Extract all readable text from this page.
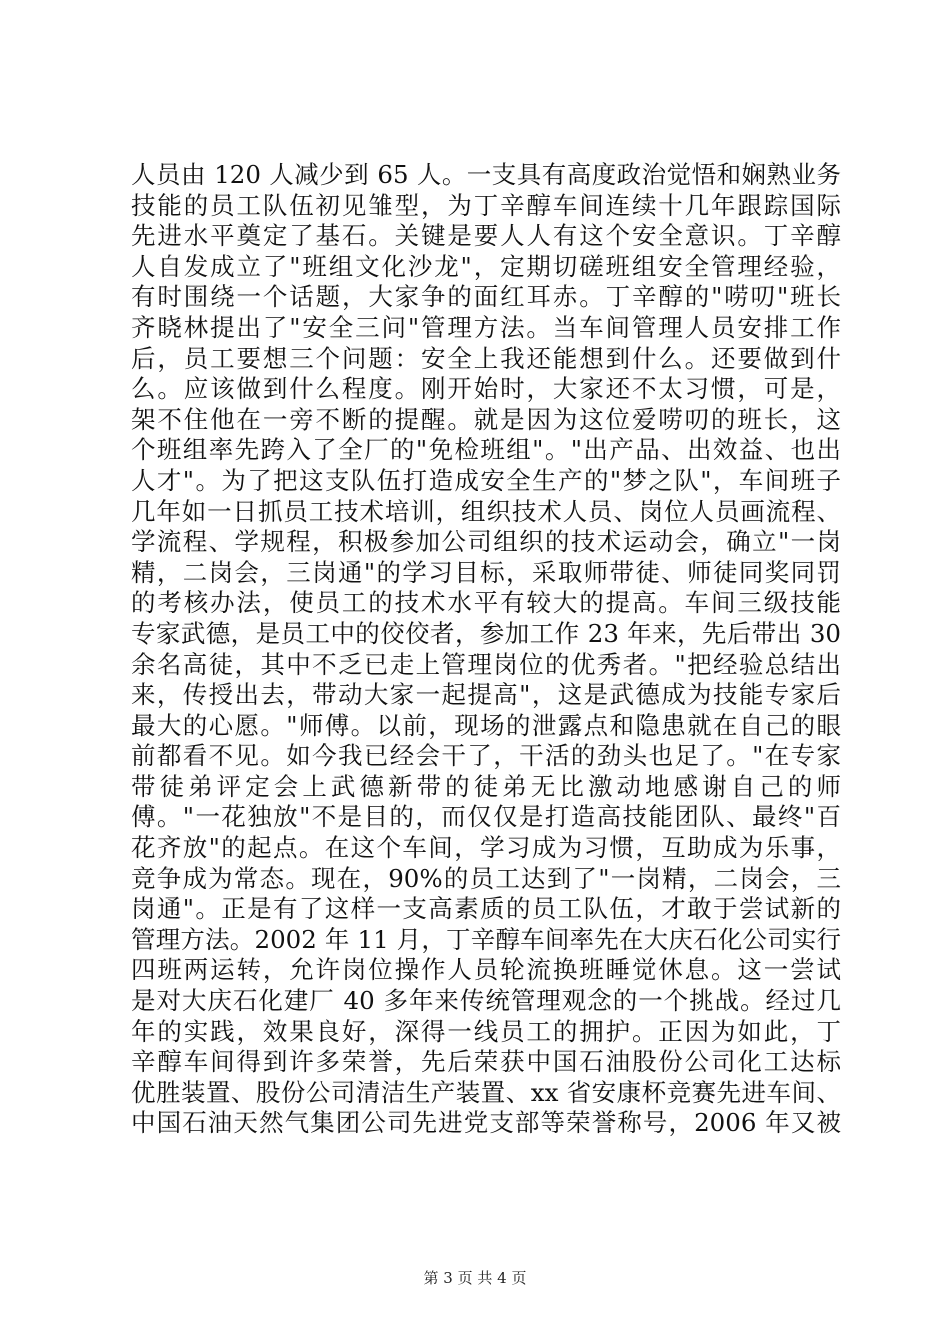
人员由 120 人减少到 65 人。一支具有高度政治觉悟和娴熟业务
技能的员工队伍初见雏型，为丁辛醇车间连续十几年跟踪国际
先进水平奠定了基石。关键是要人人有这个安全意识。丁辛醇
人自发成立了"班组文化沙龙"，定期切磋班组安全管理经验，
有时围绕一个话题，大家争的面红耳赤。丁辛醇的"唠叨"班长
齐晓林提出了"安全三问"管理方法。当车间管理人员安排工作
后，员工要想三个问题：安全上我还能想到什么。还要做到什
么。应该做到什么程度。刚开始时，大家还不太习惯，可是，
架不住他在一旁不断的提醒。就是因为这位爱唠叨的班长，这
个班组率先跨入了全厂的"免检班组"。"出产品、出效益、也出
人才"。为了把这支队伍打造成安全生产的"梦之队"，车间班子
几年如一日抓员工技术培训，组织技术人员、岗位人员画流程、
学流程、学规程，积极参加公司组织的技术运动会，确立"一岗
精，二岗会，三岗通"的学习目标，采取师带徒、师徒同奖同罚
的考核办法，使员工的技术水平有较大的提高。车间三级技能
专家武德，是员工中的佼佼者，参加工作 23 年来，先后带出 30
余名高徒，其中不乏已走上管理岗位的优秀者。"把经验总结出
来，传授出去，带动大家一起提高"，这是武德成为技能专家后
最大的心愿。"师傅。以前，现场的泄露点和隐患就在自己的眼
前都看不见。如今我已经会干了，干活的劲头也足了。"在专家
带徒弟评定会上武德新带的徒弟无比激动地感谢自己的师
傅。"一花独放"不是目的，而仅仅是打造高技能团队、最终"百
花齐放"的起点。在这个车间，学习成为习惯，互助成为乐事，
竞争成为常态。现在，90%的员工达到了"一岗精，二岗会，三
岗通"。正是有了这样一支高素质的员工队伍，才敢于尝试新的
管理方法。2002 年 11 月，丁辛醇车间率先在大庆石化公司实行
四班两运转，允许岗位操作人员轮流换班睡觉休息。这一尝试
是对大庆石化建厂 40 多年来传统管理观念的一个挑战。经过几
年的实践，效果良好，深得一线员工的拥护。正因为如此，丁
辛醇车间得到许多荣誉，先后荣获中国石油股份公司化工达标
优胜装置、股份公司清洁生产装置、xx 省安康杯竞赛先进车间、
中国石油天然气集团公司先进党支部等荣誉称号，2006 年又被
第 3 页 共 4 页
